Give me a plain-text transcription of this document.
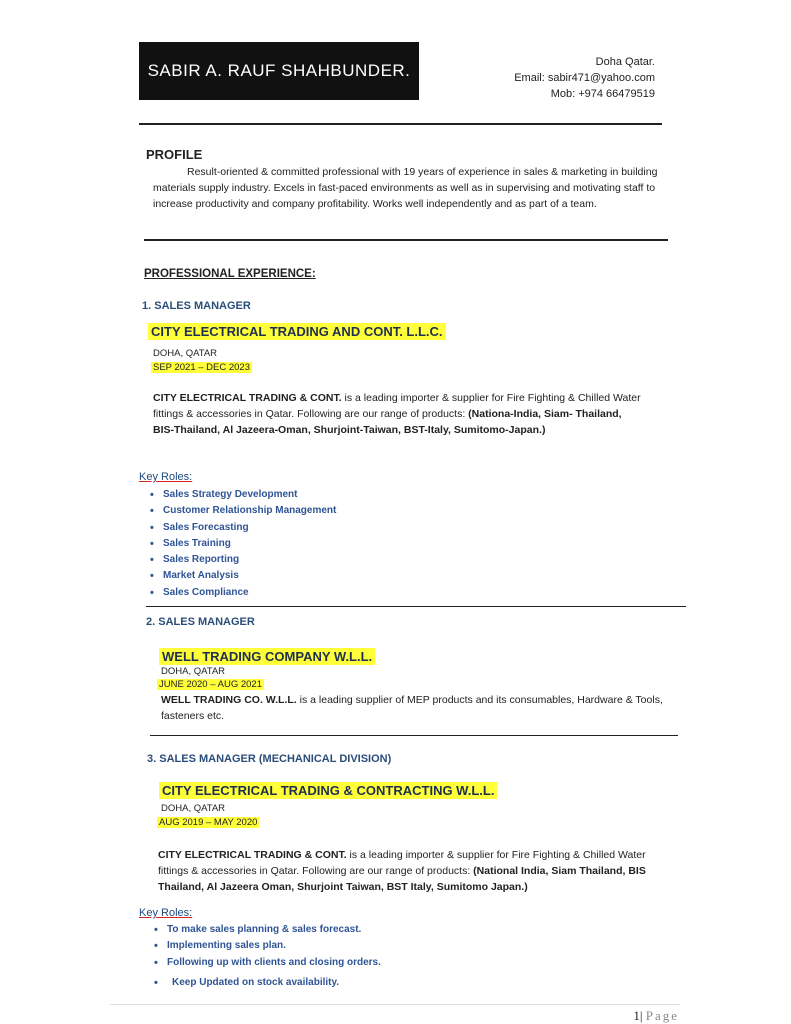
SABIR A. RAUF SHAHBUNDER.	Doha Qatar.
Email: sabir471@yahoo.com
Mob: +974 66479519
PROFILE
Result-oriented & committed professional with 19 years of experience in sales & marketing in building materials supply industry. Excels in fast-paced environments as well as in supervising and motivating staff to increase productivity and company profitability. Works well independently and as part of a team.
PROFESSIONAL EXPERIENCE:
1. SALES MANAGER
CITY ELECTRICAL TRADING AND CONT. L.L.C.
DOHA, QATAR
SEP 2021 – DEC 2023
CITY ELECTRICAL TRADING & CONT. is a leading importer & supplier for Fire Fighting & Chilled Water fittings & accessories in Qatar. Following are our range of products: (Nationa-India, Siam- Thailand, BIS-Thailand, Al Jazeera-Oman, Shurjoint-Taiwan, BST-Italy, Sumitomo-Japan.)
Key Roles:
• Sales Strategy Development
• Customer Relationship Management
• Sales Forecasting
• Sales Training
• Sales Reporting
• Market Analysis
• Sales Compliance
2. SALES MANAGER
WELL TRADING COMPANY W.L.L.
DOHA, QATAR
JUNE 2020 – AUG 2021
WELL TRADING CO. W.L.L. is a leading supplier of MEP products and its consumables, Hardware & Tools, fasteners etc.
3. SALES MANAGER (MECHANICAL DIVISION)
CITY ELECTRICAL TRADING & CONTRACTING W.L.L.
DOHA, QATAR
AUG 2019 – MAY 2020
CITY ELECTRICAL TRADING & CONT. is a leading importer & supplier for Fire Fighting & Chilled Water fittings & accessories in Qatar. Following are our range of products: (National India, Siam Thailand, BIS Thailand, Al Jazeera Oman, Shurjoint Taiwan, BST Italy, Sumitomo Japan.)
Key Roles:
• To make sales planning & sales forecast.
• Implementing sales plan.
• Following up with clients and closing orders.
• Keep Updated on stock availability.
1| Page
